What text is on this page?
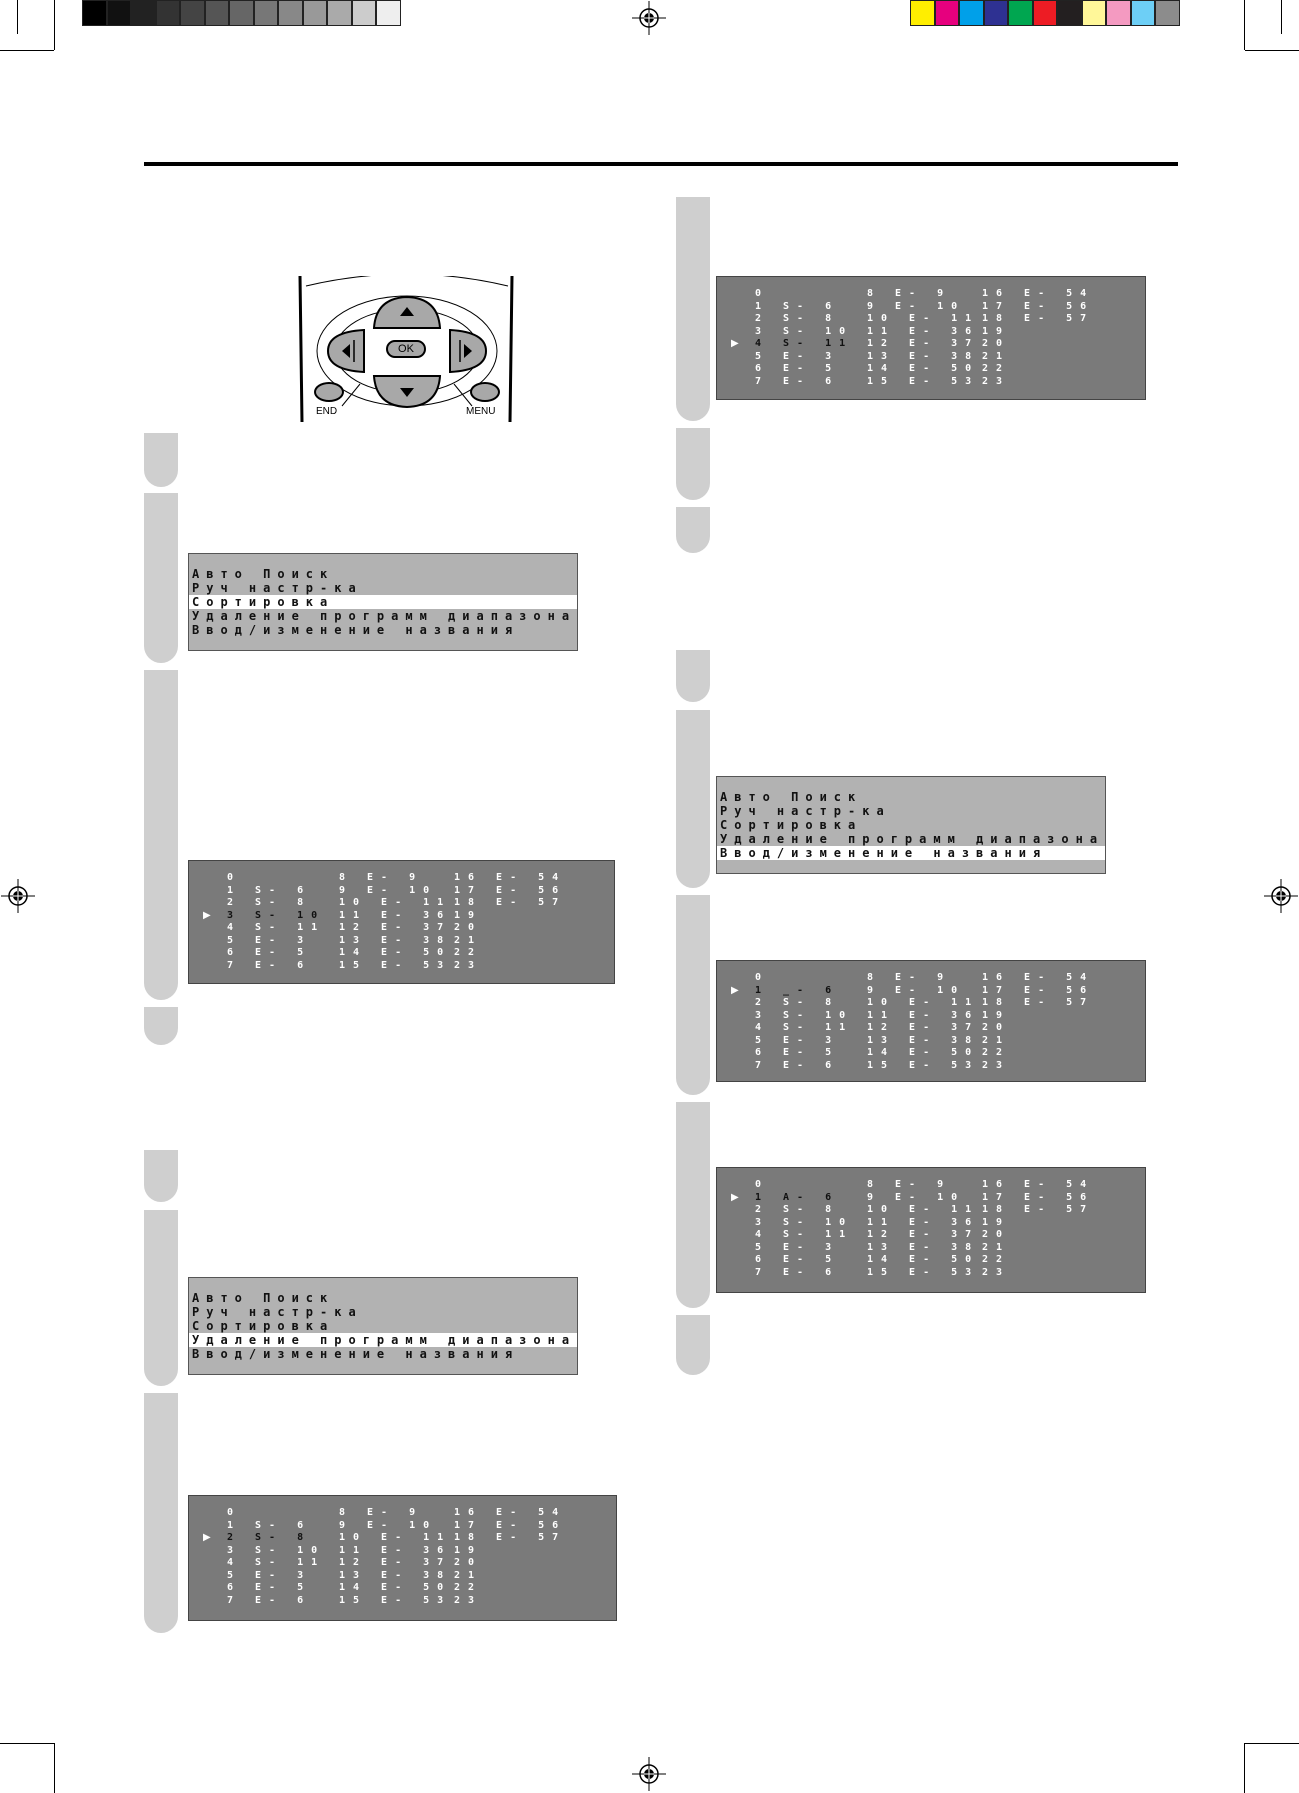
OK
END	MENU
Авто Поиск
Руч настр-ка
Сортировка
Удаление программ диапазона
Ввод/изменение названия
0
1 S- 6
2 S- 8
3 S- 10
4 S- 11
5 E- 3
6 E- 5
7 E- 6
8 E- 9
9 E- 10
10 E- 11
11 E- 36
12 E- 37
13 E- 38
14 E- 50
15 E- 53
16 E- 54
17 E- 56
18 E- 57
19
20
21
22
23
▶
Авто Поиск
Руч настр-ка
Сортировка
Удаление программ диапазона
Ввод/изменение названия
0
1 S- 6
2 S- 8
3 S- 10
4 S- 11
5 E- 3
6 E- 5
7 E- 6
8 E- 9
9 E- 10
10 E- 11
11 E- 36
12 E- 37
13 E- 38
14 E- 50
15 E- 53
16 E- 54
17 E- 56
18 E- 57
19
20
21
22
23
▶
0
1 S- 6
2 S- 8
3 S- 10
4 S- 11
5 E- 3
6 E- 5
7 E- 6
8 E- 9
9 E- 10
10 E- 11
11 E- 36
12 E- 37
13 E- 38
14 E- 50
15 E- 53
16 E- 54
17 E- 56
18 E- 57
19
20
21
22
23
▶
Авто Поиск
Руч настр-ка
Сортировка
Удаление программ диапазона
Ввод/изменение названия
0
1 _- 6
2 S- 8
3 S- 10
4 S- 11
5 E- 3
6 E- 5
7 E- 6
8 E- 9
9 E- 10
10 E- 11
11 E- 36
12 E- 37
13 E- 38
14 E- 50
15 E- 53
16 E- 54
17 E- 56
18 E- 57
19
20
21
22
23
▶
0
1 A- 6
2 S- 8
3 S- 10
4 S- 11
5 E- 3
6 E- 5
7 E- 6
8 E- 9
9 E- 10
10 E- 11
11 E- 36
12 E- 37
13 E- 38
14 E- 50
15 E- 53
16 E- 54
17 E- 56
18 E- 57
19
20
21
22
23
▶
